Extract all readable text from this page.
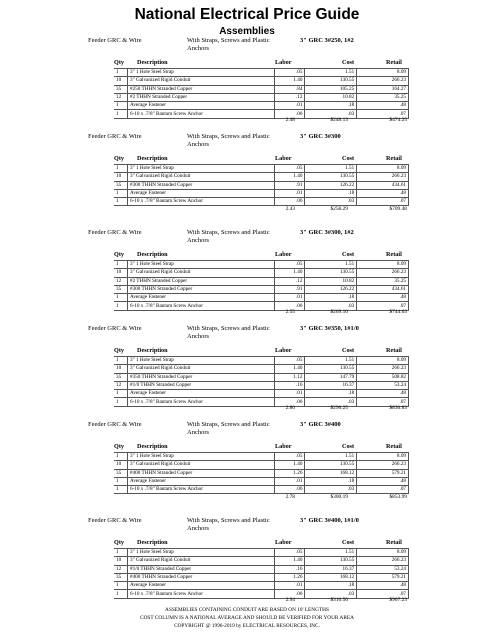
National Electrical Price Guide
Assemblies
Feeder GRC & Wire	With Straps, Screws and Plastic Anchors
3" GRC 3#250, 1#2
Qty Description	Labor	Cost	Retail
1	3" 1 Hole Steel Strap	.05	1.51	8.09
10	3" Galvanized Rigid Conduit	1.40	130.55	266.23
35	#250 THHN Stranded Copper	.84	105.25	164.27
12	#2 THHN Stranded Copper	.12	10.82	35.25
1	Average Fastener	.01	.18	.48
1	6-10 x .7/8" Bantam Screw Anchor	.06	.03	.07
2.48	$248.13	$474.25
Feeder GRC & Wire	With Straps, Screws and Plastic Anchors
3" GRC 3#300
Qty Description	Labor	Cost	Retail
1	3" 1 Hole Steel Strap	.05	1.51	8.09
10	3" Galvanized Rigid Conduit	1.40	130.55	266.23
35	#300 THHN Stranded Copper	.91	126.22	434.61
1	Average Fastener	.01	.18	.48
1	6-10 x .7/8" Bantam Screw Anchor	.06	.03	.07
2.43	$258.29	$709.48
Feeder GRC & Wire	With Straps, Screws and Plastic Anchors
3" GRC 3#300, 1#2
Qty Description	Labor	Cost	Retail
1	3" 1 Hole Steel Strap	.05	1.51	8.09
10	3" Galvanized Rigid Conduit	1.40	130.55	266.23
12	#2 THHN Stranded Copper	.12	10.82	35.25
35	#300 THHN Stranded Copper	.91	126.22	434.61
1	Average Fastener	.01	.18	.48
1	6-10 x .7/8" Bantam Screw Anchor	.06	.03	.07
2.55	$269.10	$744.63
Feeder GRC & Wire	With Straps, Screws and Plastic Anchors
3" GRC 3#350, 1#1/0
Qty Description	Labor	Cost	Retail
1	3" 1 Hole Steel Strap	.05	1.51	8.09
10	3" Galvanized Rigid Conduit	1.40	130.55	266.23
35	#350 THHN Stranded Copper	1.12	147.79	508.82
12	#1/0 THHN Stranded Copper	.16	16.37	53.24
1	Average Fastener	.01	.18	.48
1	6-10 x .7/8" Bantam Screw Anchor	.06	.03	.07
2.80	$296.25	$836.83
Feeder GRC & Wire	With Straps, Screws and Plastic Anchors
3" GRC 3#400
Qty Description	Labor	Cost	Retail
1	3" 1 Hole Steel Strap	.05	1.51	8.09
10	3" Galvanized Rigid Conduit	1.40	130.55	266.23
35	#400 THHN Stranded Copper	1.26	168.12	579.21
1	Average Fastener	.01	.18	.48
1	6-10 x .7/8" Bantam Screw Anchor	.06	.03	.07
2.78	$300.19	$853.99
Feeder GRC & Wire	With Straps, Screws and Plastic Anchors
3" GRC 3#400, 1#1/0
Qty Description	Labor	Cost	Retail
1	3" 1 Hole Steel Strap	.05	1.51	8.09
10	3" Galvanized Rigid Conduit	1.40	130.55	266.23
12	#1/0 THHN Stranded Copper	.16	16.37	53.24
35	#400 THHN Stranded Copper	1.26	168.12	579.21
1	Average Fastener	.01	.18	.48
1	6-10 x .7/8" Bantam Screw Anchor	.06	.03	.07
2.94	$316.56	$907.23
ASSEMBLIES CONTAINING CONDUIT ARE BASED ON 10' LENGTHS
COST COLUMN IS A NATIONAL AVERAGE AND SHOULD BE VERIFIED FOR YOUR AREA
COPYRIGHT @ 1996-2019 by ELECTRICAL RESOURCES, INC.
